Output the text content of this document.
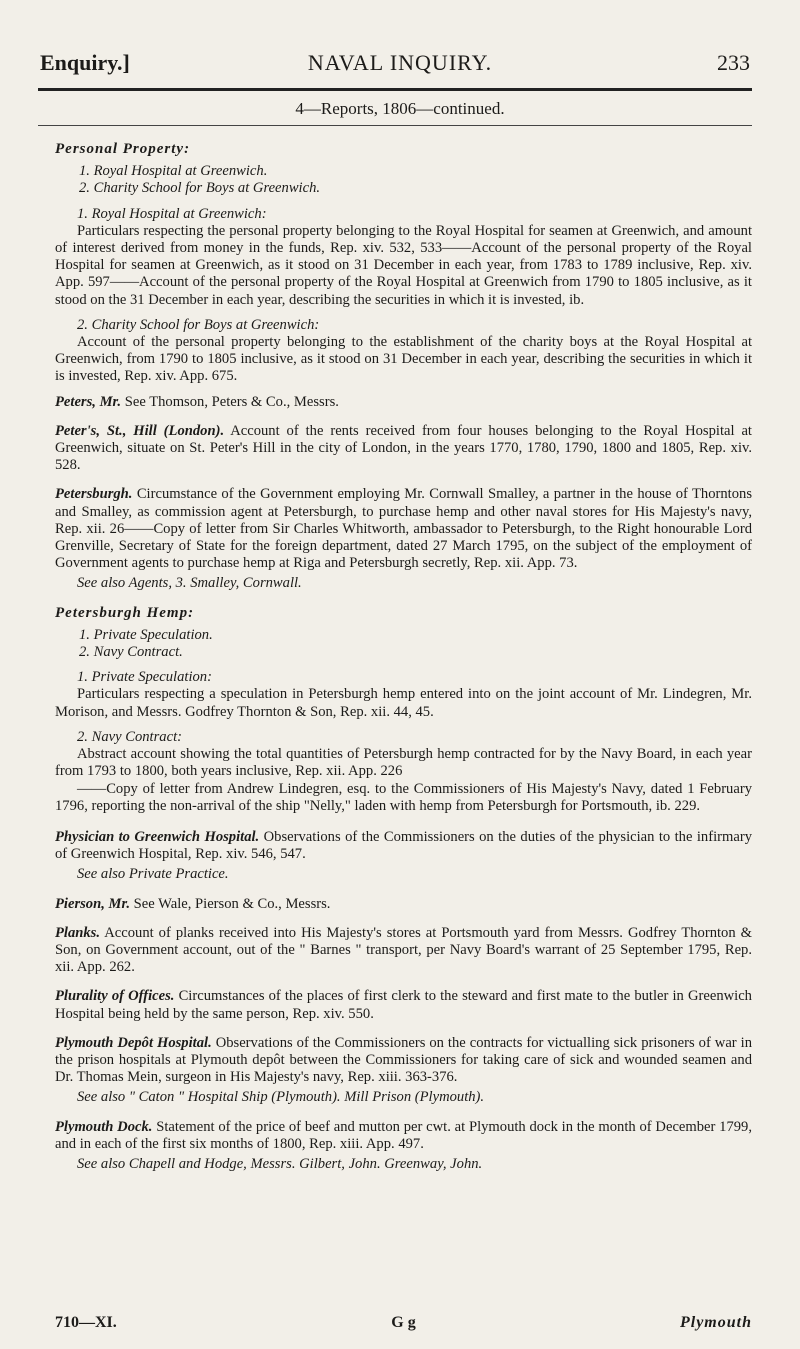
Enquiry.]	NAVAL INQUIRY.	233
4—Reports, 1806—continued.
Personal Property:
1. Royal Hospital at Greenwich.
2. Charity School for Boys at Greenwich.
1. Royal Hospital at Greenwich:

Particulars respecting the personal property belonging to the Royal Hospital for seamen at Greenwich, and amount of interest derived from money in the funds, Rep. xiv. 532, 533——Account of the personal property of the Royal Hospital for seamen at Greenwich, as it stood on 31 December in each year, from 1783 to 1789 inclusive, Rep. xiv. App. 597——Account of the personal property of the Royal Hospital at Greenwich from 1790 to 1805 inclusive, as it stood on the 31 December in each year, describing the securities in which it is invested, ib.

2. Charity School for Boys at Greenwich:

Account of the personal property belonging to the establishment of the charity boys at the Royal Hospital at Greenwich, from 1790 to 1805 inclusive, as it stood on 31 December in each year, describing the securities in which it is invested, Rep. xiv. App. 675.

Peters, Mr. See Thomson, Peters & Co., Messrs.

Peter's, St., Hill (London). Account of the rents received from four houses belonging to the Royal Hospital at Greenwich, situate on St. Peter's Hill in the city of London, in the years 1770, 1780, 1790, 1800 and 1805, Rep. xiv. 528.

Petersburgh. Circumstance of the Government employing Mr. Cornwall Smalley, a partner in the house of Thorntons and Smalley, as commission agent at Petersburgh, to purchase hemp and other naval stores for His Majesty's navy, Rep. xii. 26——Copy of letter from Sir Charles Whitworth, ambassador to Petersburgh, to the Right honourable Lord Grenville, Secretary of State for the foreign department, dated 27 March 1795, on the subject of the employment of Government agents to purchase hemp at Riga and Petersburgh secretly, Rep. xii. App. 73.

See also Agents, 3. Smalley, Cornwall.

Petersburgh Hemp:
1. Private Speculation.
2. Navy Contract.
1. Private Speculation:

Particulars respecting a speculation in Petersburgh hemp entered into on the joint account of Mr. Lindegren, Mr. Morison, and Messrs. Godfrey Thornton & Son, Rep. xii. 44, 45.

2. Navy Contract:

Abstract account showing the total quantities of Petersburgh hemp contracted for by the Navy Board, in each year from 1793 to 1800, both years inclusive, Rep. xii. App. 226

——Copy of letter from Andrew Lindegren, esq. to the Commissioners of His Majesty's Navy, dated 1 February 1796, reporting the non-arrival of the ship "Nelly," laden with hemp from Petersburgh for Portsmouth, ib. 229.

Physician to Greenwich Hospital. Observations of the Commissioners on the duties of the physician to the infirmary of Greenwich Hospital, Rep. xiv. 546, 547.

See also Private Practice.

Pierson, Mr. See Wale, Pierson & Co., Messrs.

Planks. Account of planks received into His Majesty's stores at Portsmouth yard from Messrs. Godfrey Thornton & Son, on Government account, out of the " Barnes " transport, per Navy Board's warrant of 25 September 1795, Rep. xii. App. 262.

Plurality of Offices. Circumstances of the places of first clerk to the steward and first mate to the butler in Greenwich Hospital being held by the same person, Rep. xiv. 550.

Plymouth Depôt Hospital. Observations of the Commissioners on the contracts for victualling sick prisoners of war in the prison hospitals at Plymouth depôt between the Commissioners for taking care of sick and wounded seamen and Dr. Thomas Mein, surgeon in His Majesty's navy, Rep. xiii. 363-376.

See also " Caton " Hospital Ship (Plymouth). Mill Prison (Plymouth).

Plymouth Dock. Statement of the price of beef and mutton per cwt. at Plymouth dock in the month of December 1799, and in each of the first six months of 1800, Rep. xiii. App. 497.

See also Chapell and Hodge, Messrs. Gilbert, John. Greenway, John.

710—XI.	G g	Plymouth
